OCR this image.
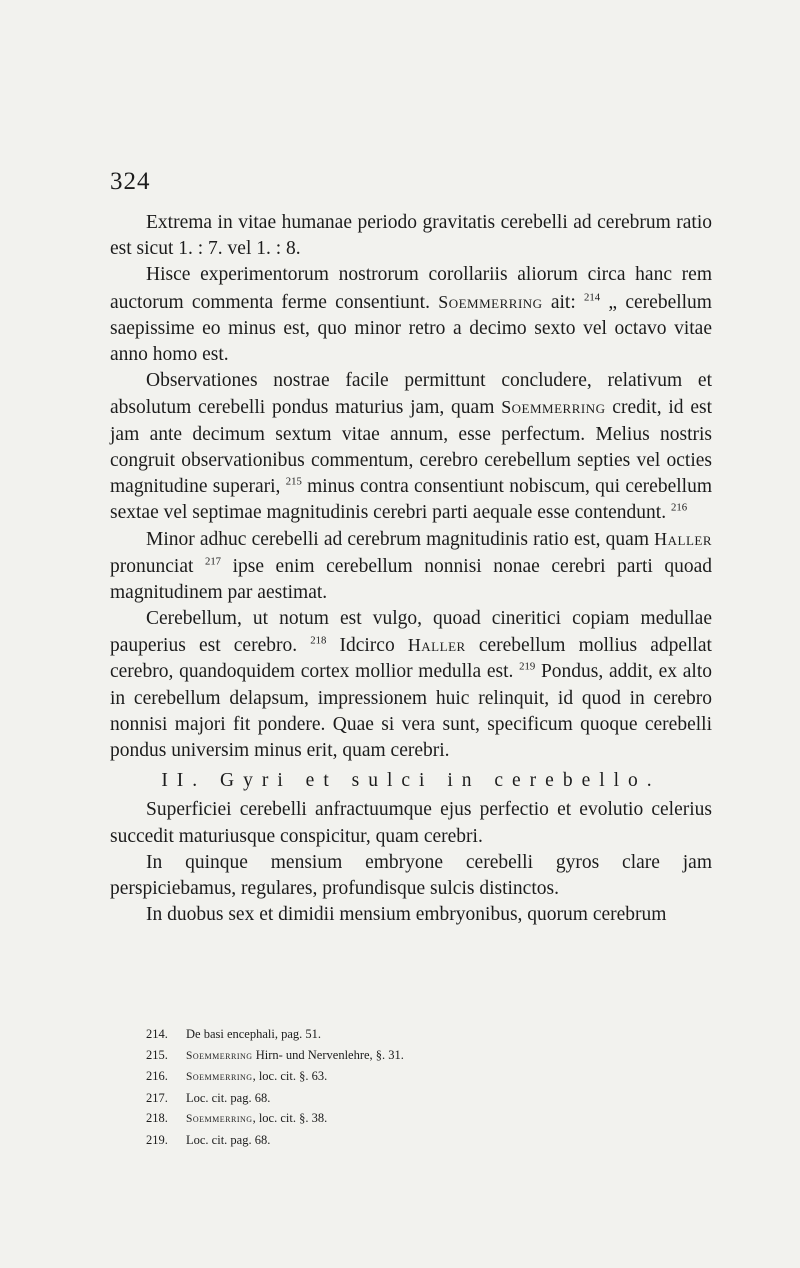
324

Extrema in vitae humanae periodo gravitatis cerebelli ad cerebrum ratio est sicut 1. : 7. vel 1. : 8.

Hisce experimentorum nostrorum corollariis aliorum circa hanc rem auctorum commenta ferme consentiunt. Soemmerring ait: $^{214}$ „ cerebellum saepissime eo minus est, quo minor retro a decimo sexto vel octavo vitae anno homo est.

Observationes nostrae facile permittunt concludere, relativum et absolutum cerebelli pondus maturius jam, quam Soemmerring credit, id est jam ante decimum sextum vitae annum, esse perfectum. Melius nostris congruit observationibus commentum, cerebro cerebellum septies vel octies magnitudine superari, $^{215}$ minus contra consentiunt nobiscum, qui cerebellum sextae vel septimae magnitudinis cerebri parti aequale esse contendunt. $^{216}$

Minor adhuc cerebelli ad cerebrum magnitudinis ratio est, quam Haller pronunciat $^{217}$ ipse enim cerebellum nonnisi nonae cerebri parti quoad magnitudinem par aestimat.

Cerebellum, ut notum est vulgo, quoad cineritici copiam medullae pauperius est cerebro. $^{218}$ Idcirco Haller cerebellum mollius adpellat cerebro, quandoquidem cortex mollior medulla est. $^{219}$ Pondus, addit, ex alto in cerebellum delapsum, impressionem huic relinquit, id quod in cerebro nonnisi majori fit pondere. Quae si vera sunt, specificum quoque cerebelli pondus universim minus erit, quam cerebri.

II. Gyri et sulci in cerebello.

Superficiei cerebelli anfractuumque ejus perfectio et evolutio celerius succedit maturiusque conspicitur, quam cerebri.

In quinque mensium embryone cerebelli gyros clare jam perspiciebamus, regulares, profundisque sulcis distinctos.

In duobus sex et dimidii mensium embryonibus, quorum cerebrum

214.	De basi encephali, pag. 51.
215.	Soemmerring Hirn- und Nervenlehre, §. 31.
216.	Soemmerring, loc. cit. §. 63.
217.	Loc. cit. pag. 68.
218.	Soemmerring, loc. cit. §. 38.
219.	Loc. cit. pag. 68.
